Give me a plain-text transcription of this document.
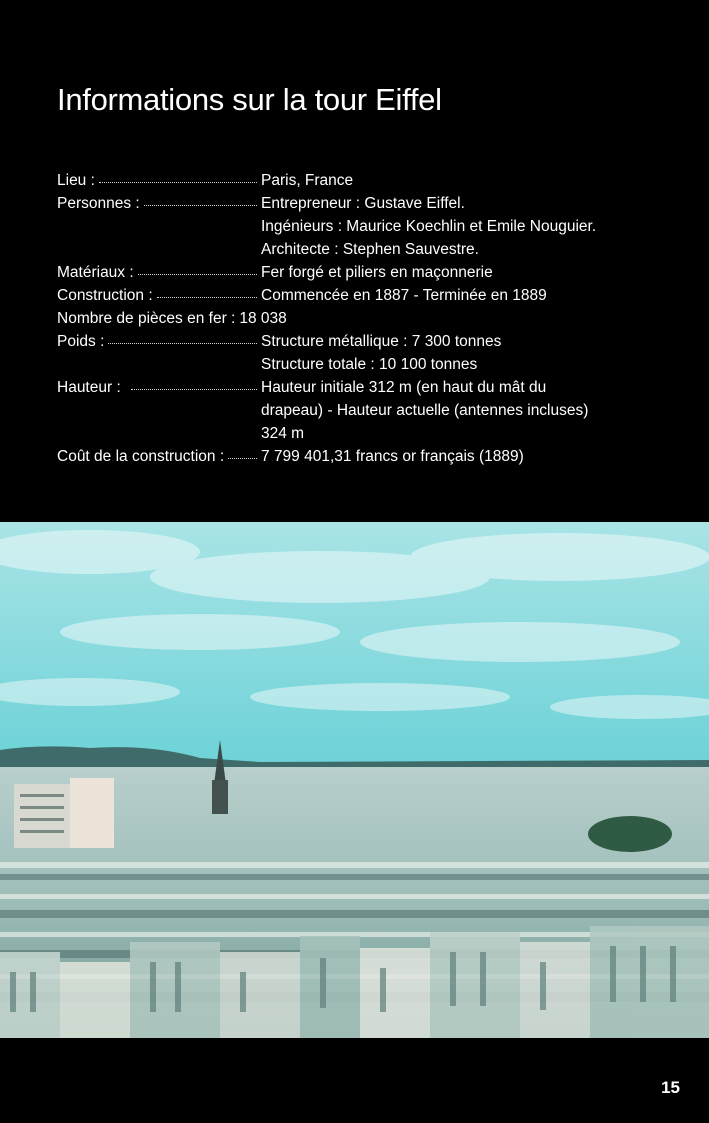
Informations sur la tour Eiffel
Lieu :	Paris, France
Personnes :	Entrepreneur : Gustave Eiffel.
Ingénieurs : Maurice Koechlin et Emile Nouguier.
Architecte : Stephen Sauvestre.
Matériaux :	Fer forgé et piliers en maçonnerie
Construction :	Commencée en 1887 - Terminée en 1889
Nombre de pièces en fer : 18 038
Poids :	Structure métallique : 7 300 tonnes
Structure totale : 10 100 tonnes
Hauteur :	Hauteur initiale 312 m (en haut du mât du
drapeau) - Hauteur actuelle (antennes incluses)
324 m
Coût de la construction : 7 799 401,31 francs or français (1889)
15
